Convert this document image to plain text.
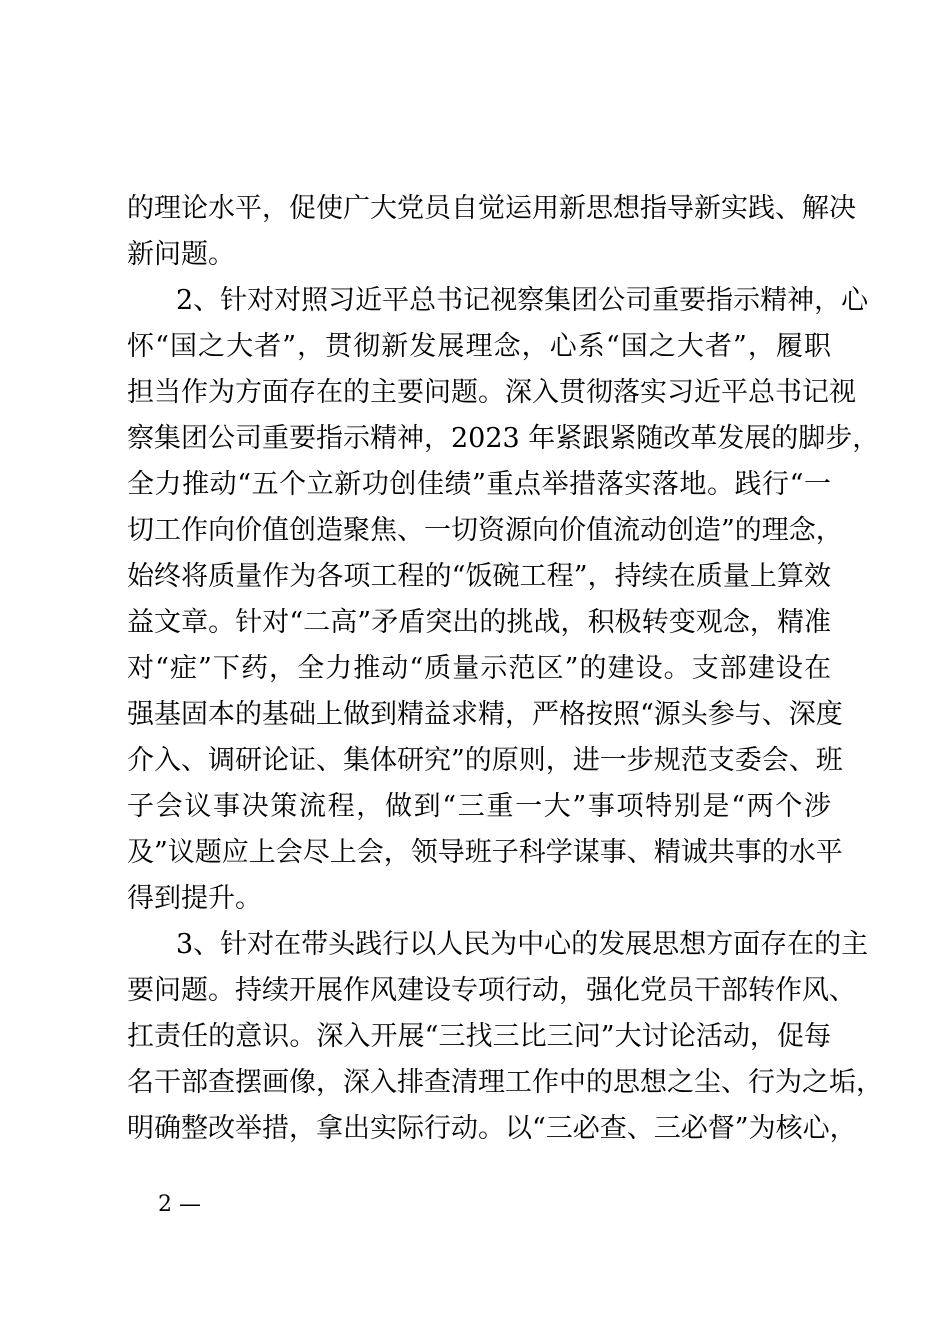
的理论水平，促使广大党员自觉运用新思想指导新实践、解决
新问题。
2、针对对照习近平总书记视察集团公司重要指示精神，心
怀“国之大者”，贯彻新发展理念，心系“国之大者”，履职
担当作为方面存在的主要问题。深入贯彻落实习近平总书记视
察集团公司重要指示精神，2023 年紧跟紧随改革发展的脚步，
全力推动“五个立新功创佳绩”重点举措落实落地。践行“一
切工作向价值创造聚焦、一切资源向价值流动创造”的理念，
始终将质量作为各项工程的“饭碗工程”，持续在质量上算效
益文章。针对“二高”矛盾突出的挑战，积极转变观念，精准
对“症”下药，全力推动“质量示范区”的建设。支部建设在
强基固本的基础上做到精益求精，严格按照“源头参与、深度
介入、调研论证、集体研究”的原则，进一步规范支委会、班
子会议事决策流程，做到“三重一大”事项特别是“两个涉
及”议题应上会尽上会，领导班子科学谋事、精诚共事的水平
得到提升。
3、针对在带头践行以人民为中心的发展思想方面存在的主
要问题。持续开展作风建设专项行动，强化党员干部转作风、
扛责任的意识。深入开展“三找三比三问”大讨论活动，促每
名干部查摆画像，深入排查清理工作中的思想之尘、行为之垢，
明确整改举措，拿出实际行动。以“三必查、三必督”为核心，
2 —
